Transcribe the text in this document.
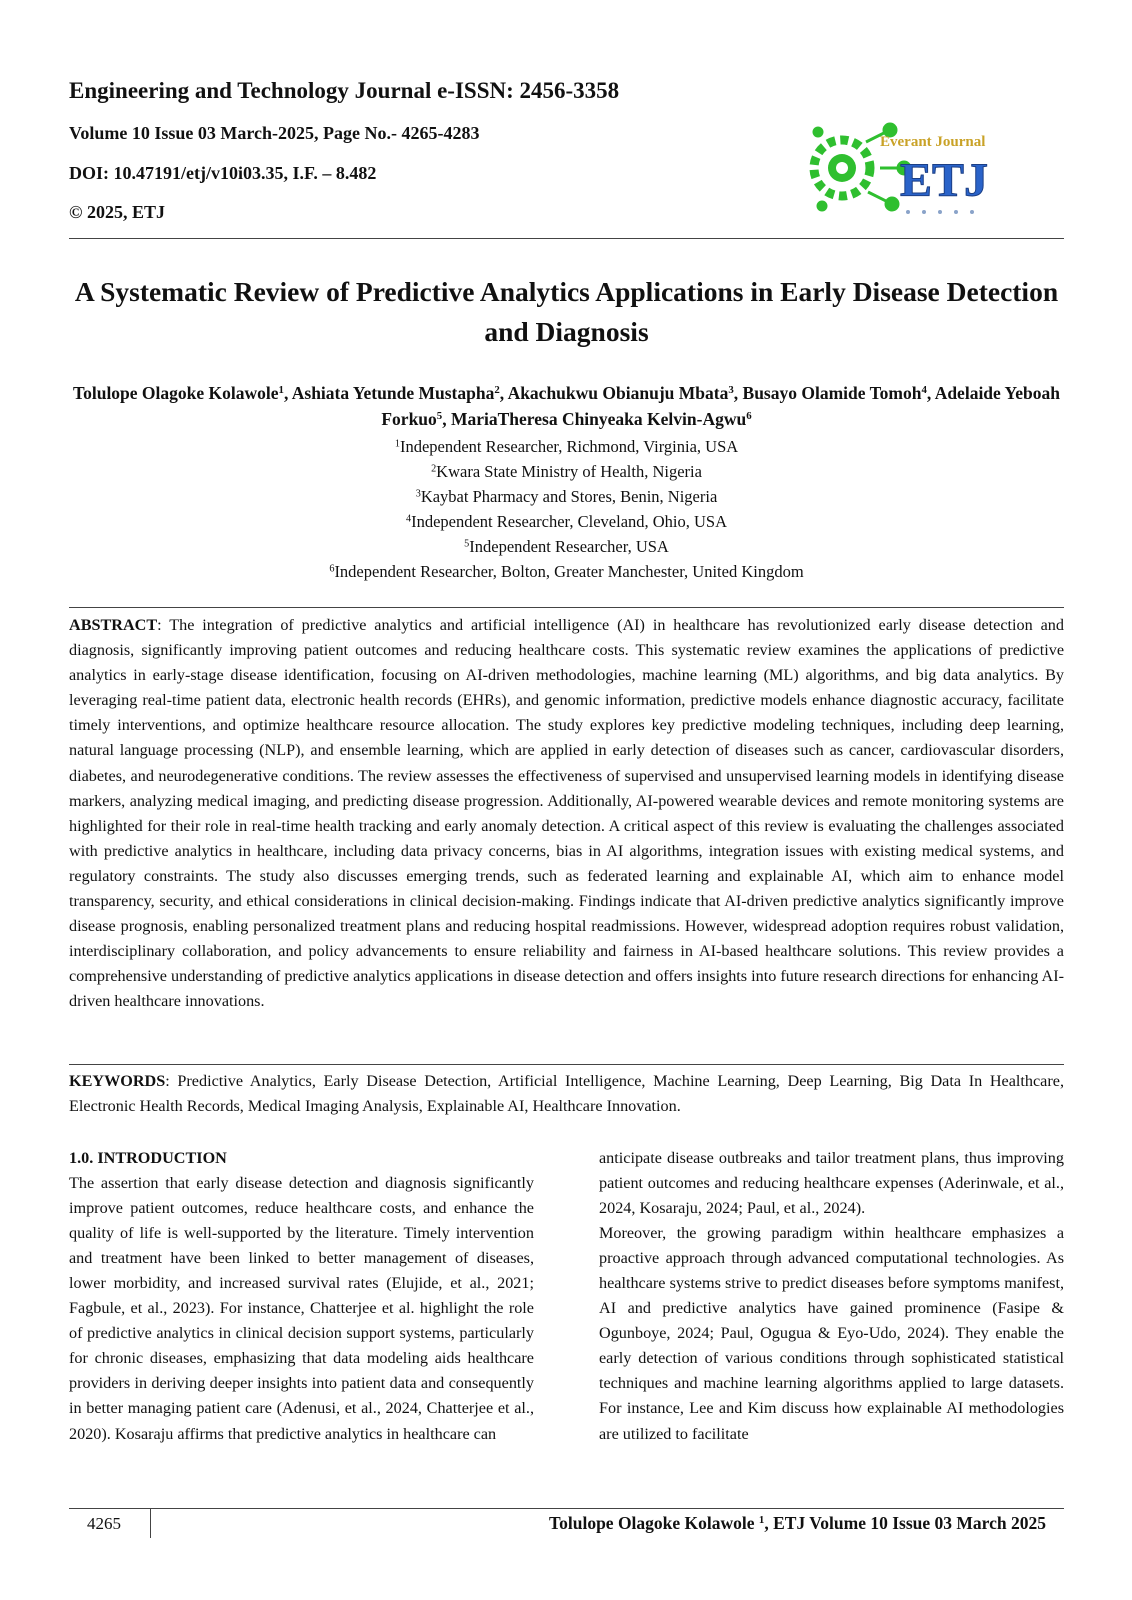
Engineering and Technology Journal e-ISSN: 2456-3358
Volume 10 Issue 03 March-2025, Page No.- 4265-4283
DOI: 10.47191/etj/v10i03.35, I.F. – 8.482
© 2025, ETJ
Everant Journal
ETJ
A Systematic Review of Predictive Analytics Applications in Early Disease Detection and Diagnosis
Tolulope Olagoke Kolawole$^1$, Ashiata Yetunde Mustapha$^2$, Akachukwu Obianuju Mbata$^3$, Busayo Olamide Tomoh$^4$, Adelaide Yeboah Forkuo$^5$, MariaTheresa Chinyeaka Kelvin-Agwu$^6$
$^1$Independent Researcher, Richmond, Virginia, USA
$^2$Kwara State Ministry of Health, Nigeria
$^3$Kaybat Pharmacy and Stores, Benin, Nigeria
$^4$Independent Researcher, Cleveland, Ohio, USA
$^5$Independent Researcher, USA
$^6$Independent Researcher, Bolton, Greater Manchester, United Kingdom
ABSTRACT: The integration of predictive analytics and artificial intelligence (AI) in healthcare has revolutionized early disease detection and diagnosis, significantly improving patient outcomes and reducing healthcare costs. This systematic review examines the applications of predictive analytics in early-stage disease identification, focusing on AI-driven methodologies, machine learning (ML) algorithms, and big data analytics. By leveraging real-time patient data, electronic health records (EHRs), and genomic information, predictive models enhance diagnostic accuracy, facilitate timely interventions, and optimize healthcare resource allocation. The study explores key predictive modeling techniques, including deep learning, natural language processing (NLP), and ensemble learning, which are applied in early detection of diseases such as cancer, cardiovascular disorders, diabetes, and neurodegenerative conditions. The review assesses the effectiveness of supervised and unsupervised learning models in identifying disease markers, analyzing medical imaging, and predicting disease progression. Additionally, AI-powered wearable devices and remote monitoring systems are highlighted for their role in real-time health tracking and early anomaly detection. A critical aspect of this review is evaluating the challenges associated with predictive analytics in healthcare, including data privacy concerns, bias in AI algorithms, integration issues with existing medical systems, and regulatory constraints. The study also discusses emerging trends, such as federated learning and explainable AI, which aim to enhance model transparency, security, and ethical considerations in clinical decision-making. Findings indicate that AI-driven predictive analytics significantly improve disease prognosis, enabling personalized treatment plans and reducing hospital readmissions. However, widespread adoption requires robust validation, interdisciplinary collaboration, and policy advancements to ensure reliability and fairness in AI-based healthcare solutions. This review provides a comprehensive understanding of predictive analytics applications in disease detection and offers insights into future research directions for enhancing AI-driven healthcare innovations.
KEYWORDS: Predictive Analytics, Early Disease Detection, Artificial Intelligence, Machine Learning, Deep Learning, Big Data In Healthcare, Electronic Health Records, Medical Imaging Analysis, Explainable AI, Healthcare Innovation.

1.0. INTRODUCTION

The assertion that early disease detection and diagnosis significantly improve patient outcomes, reduce healthcare costs, and enhance the quality of life is well-supported by the literature. Timely intervention and treatment have been linked to better management of diseases, lower morbidity, and increased survival rates (Elujide, et al., 2021; Fagbule, et al., 2023). For instance, Chatterjee et al. highlight the role of predictive analytics in clinical decision support systems, particularly for chronic diseases, emphasizing that data modeling aids healthcare providers in deriving deeper insights into patient data and consequently in better managing patient care (Adenusi, et al., 2024, Chatterjee et al., 2020). Kosaraju affirms that predictive analytics in healthcare can

anticipate disease outbreaks and tailor treatment plans, thus improving patient outcomes and reducing healthcare expenses (Aderinwale, et al., 2024, Kosaraju, 2024; Paul, et al., 2024).

Moreover, the growing paradigm within healthcare emphasizes a proactive approach through advanced computational technologies. As healthcare systems strive to predict diseases before symptoms manifest, AI and predictive analytics have gained prominence (Fasipe & Ogunboye, 2024; Paul, Ogugua & Eyo-Udo, 2024). They enable the early detection of various conditions through sophisticated statistical techniques and machine learning algorithms applied to large datasets. For instance, Lee and Kim discuss how explainable AI methodologies are utilized to facilitate

4265	Tolulope Olagoke Kolawole $^1$, ETJ Volume 10 Issue 03 March 2025
